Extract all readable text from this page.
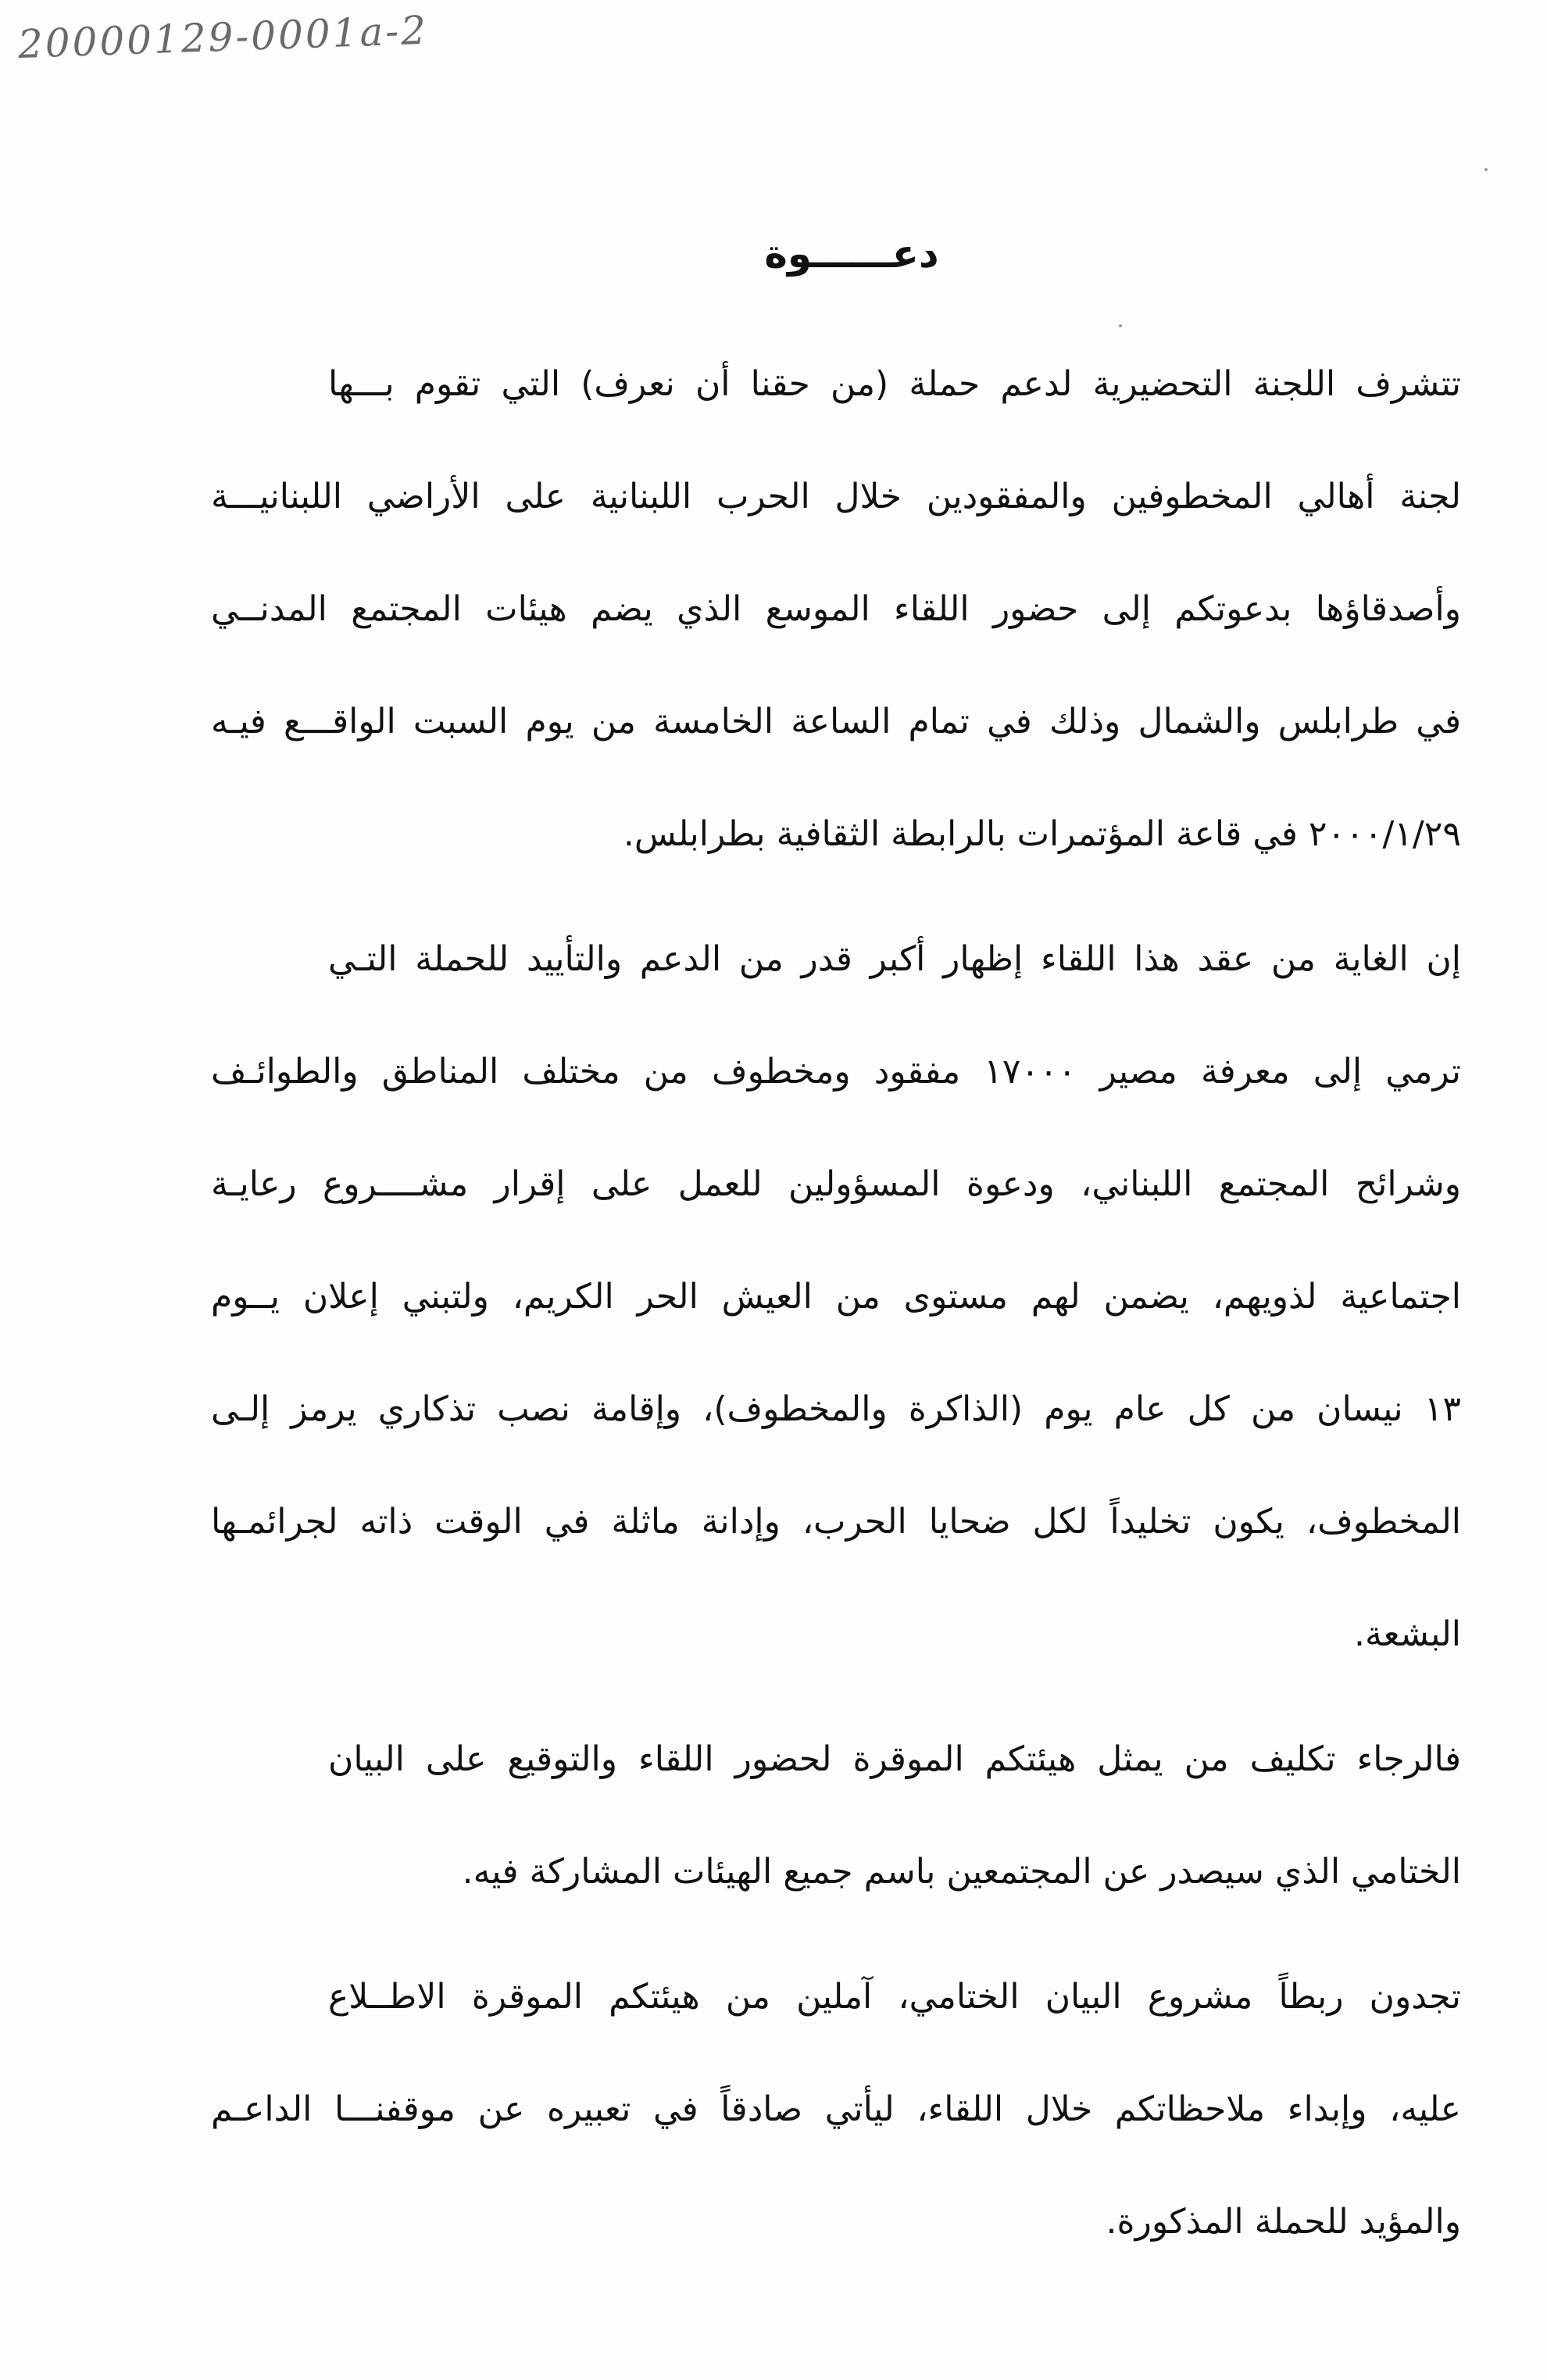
20000129-0001a-2
دعــــــوة
تتشرف اللجنة التحضيرية لدعم حملة (من حقنا أن نعرف) التي تقوم بـــها
لجنة أهالي المخطوفين والمفقودين خلال الحرب اللبنانية على الأراضي اللبنانيـــة
وأصدقاؤها بدعوتكم إلى حضور اللقاء الموسع الذي يضم هيئات المجتمع المدنــي
في طرابلس والشمال وذلك في تمام الساعة الخامسة من يوم السبت الواقـــع فيـه
٢٠٠٠/١/٢٩ في قاعة المؤتمرات بالرابطة الثقافية بطرابلس.
إن الغاية من عقد هذا اللقاء إظهار أكبر قدر من الدعم والتأييد للحملة التـي
ترمي إلى معرفة مصير ١٧٠٠٠ مفقود ومخطوف من مختلف المناطق والطوائـف
وشرائح المجتمع اللبناني، ودعوة المسؤولين للعمل على إقرار مشــــروع رعايـة
اجتماعية لذويهم، يضمن لهم مستوى من العيش الحر الكريم، ولتبني إعلان يــوم
١٣ نيسان من كل عام يوم (الذاكرة والمخطوف)، وإقامة نصب تذكاري يرمز إلـى
المخطوف، يكون تخليداً لكل ضحايا الحرب، وإدانة ماثلة في الوقت ذاته لجرائمـها
البشعة.
فالرجاء تكليف من يمثل هيئتكم الموقرة لحضور اللقاء والتوقيع على البيان
الختامي الذي سيصدر عن المجتمعين باسم جميع الهيئات المشاركة فيه.
تجدون ربطاً مشروع البيان الختامي، آملين من هيئتكم الموقرة الاطــلاع
عليه، وإبداء ملاحظاتكم خلال اللقاء، ليأتي صادقاً في تعبيره عن موقفنـــا الداعـم
والمؤيد للحملة المذكورة.
